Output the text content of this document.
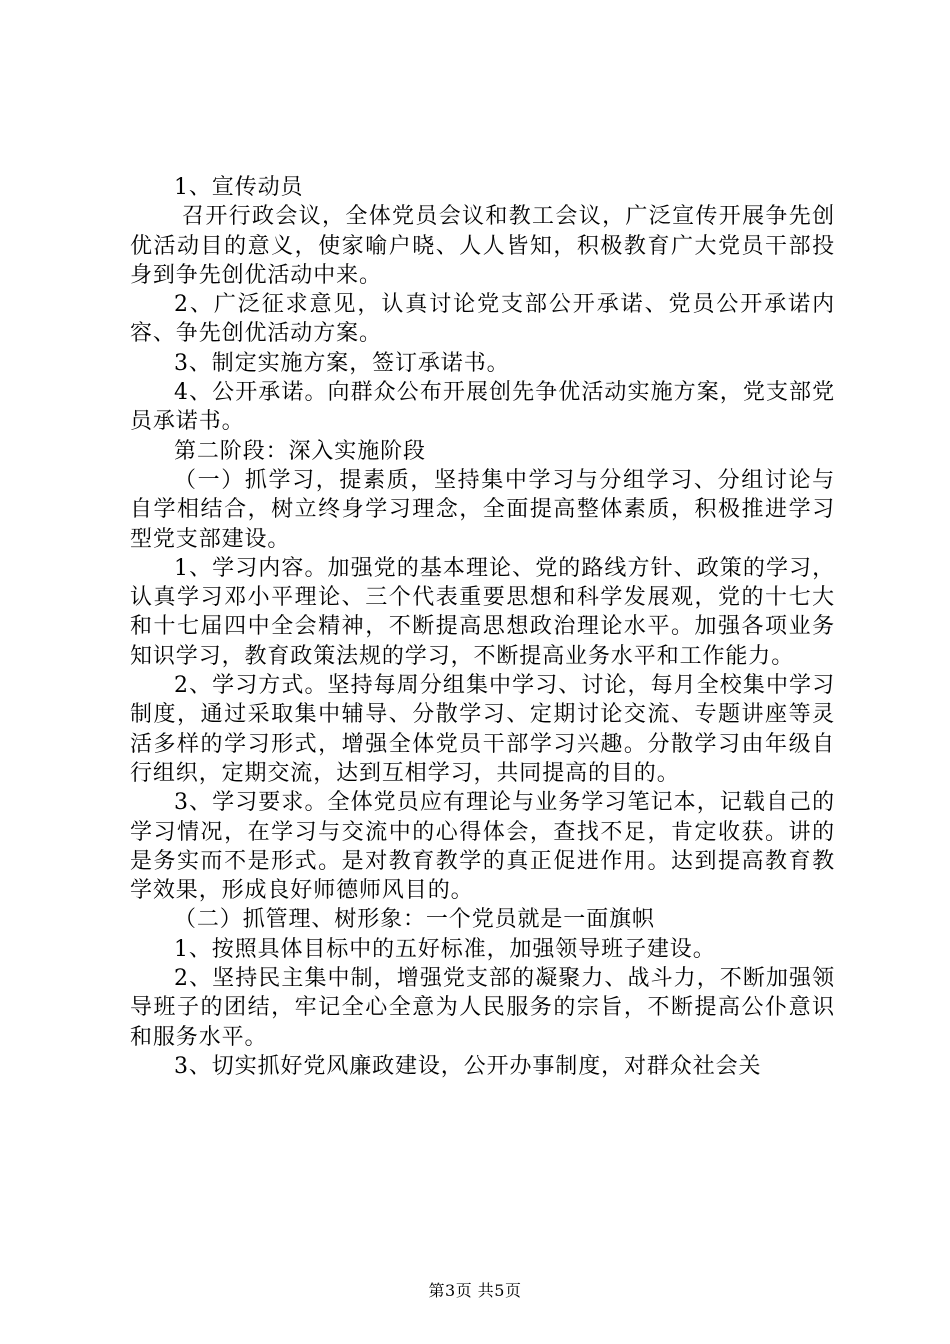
1、宣传动员

召开行政会议，全体党员会议和教工会议，广泛宣传开展争先创优活动目的意义，使家喻户晓、人人皆知，积极教育广大党员干部投身到争先创优活动中来。

2、广泛征求意见，认真讨论党支部公开承诺、党员公开承诺内容、争先创优活动方案。

3、制定实施方案，签订承诺书。

4、公开承诺。向群众公布开展创先争优活动实施方案，党支部党员承诺书。

第二阶段：深入实施阶段

（一）抓学习，提素质，坚持集中学习与分组学习、分组讨论与自学相结合，树立终身学习理念，全面提高整体素质，积极推进学习型党支部建设。

1、学习内容。加强党的基本理论、党的路线方针、政策的学习，认真学习邓小平理论、三个代表重要思想和科学发展观，党的十七大和十七届四中全会精神，不断提高思想政治理论水平。加强各项业务知识学习，教育政策法规的学习，不断提高业务水平和工作能力。

2、学习方式。坚持每周分组集中学习、讨论，每月全校集中学习制度，通过采取集中辅导、分散学习、定期讨论交流、专题讲座等灵活多样的学习形式，增强全体党员干部学习兴趣。分散学习由年级自行组织，定期交流，达到互相学习，共同提高的目的。

3、学习要求。全体党员应有理论与业务学习笔记本，记载自己的学习情况，在学习与交流中的心得体会，查找不足，肯定收获。讲的是务实而不是形式。是对教育教学的真正促进作用。达到提高教育教学效果，形成良好师德师风目的。

（二）抓管理、树形象：一个党员就是一面旗帜

1、按照具体目标中的五好标准，加强领导班子建设。

2、坚持民主集中制，增强党支部的凝聚力、战斗力，不断加强领导班子的团结，牢记全心全意为人民服务的宗旨，不断提高公仆意识和服务水平。

3、切实抓好党风廉政建设，公开办事制度，对群众社会关

第3页 共5页
